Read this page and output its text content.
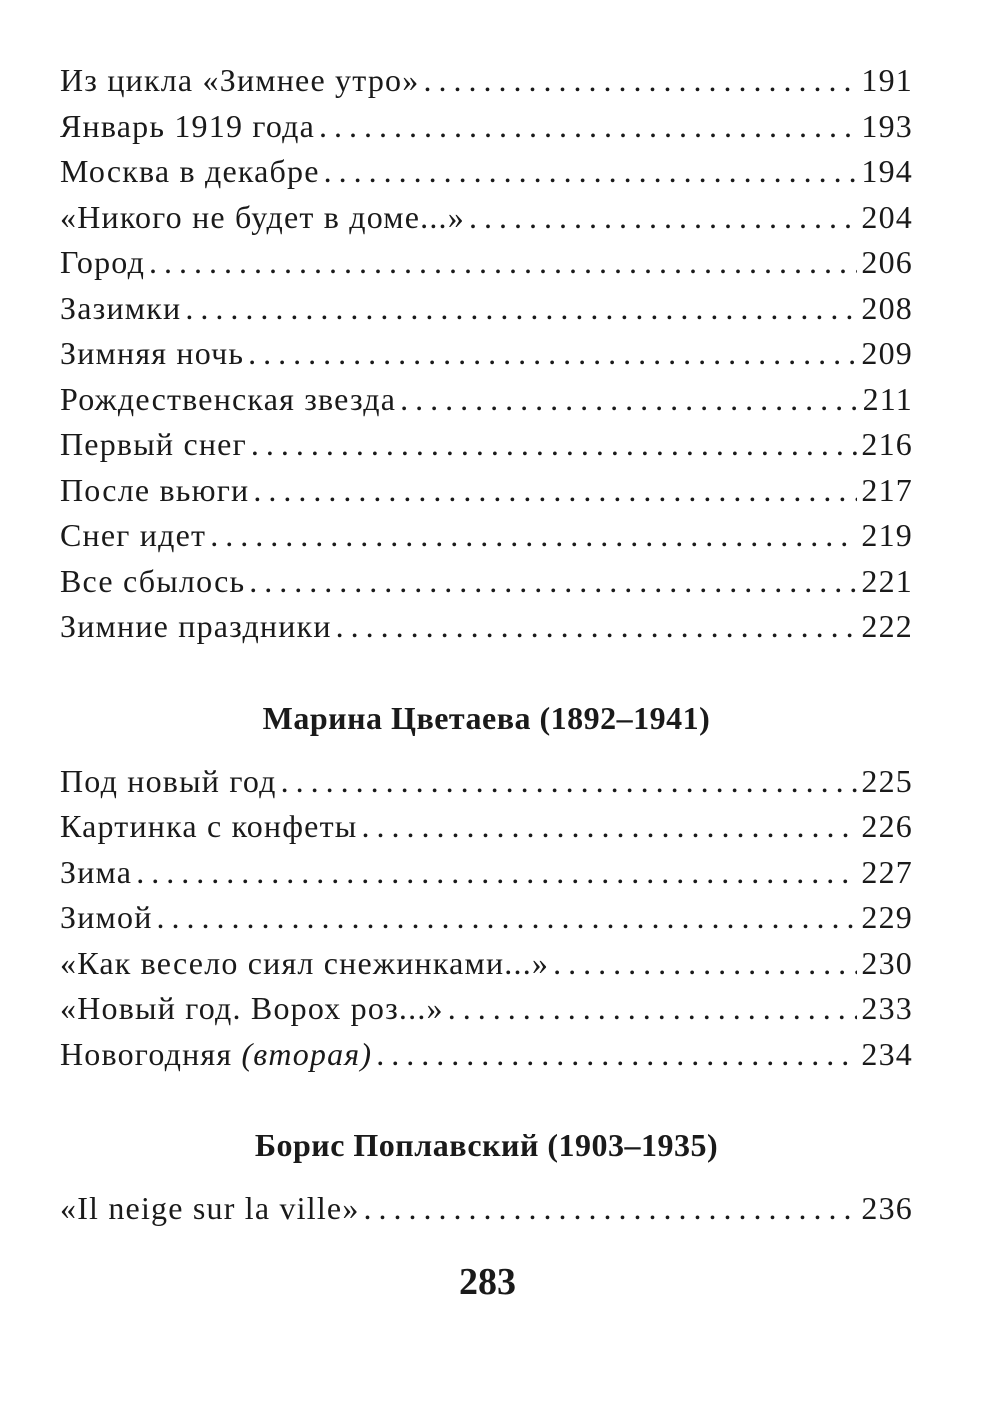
Из цикла «Зимнее утро» .....	191
Январь 1919 года .....	193
Москва в декабре .....	194
«Никого не будет в доме...» .....	204
Город .....	206
Зазимки .....	208
Зимняя ночь .....	209
Рождественская звезда .....	211
Первый снег .....	216
После вьюги .....	217
Снег идет .....	219
Все сбылось .....	221
Зимние праздники .....	222
Марина Цветаева (1892–1941)
Под новый год .....	225
Картинка с конфеты .....	226
Зима .....	227
Зимой .....	229
«Как весело сиял снежинками...» .....	230
«Новый год. Ворох роз...» .....	233
Новогодняя (вторая) .....	234
Борис Поплавский (1903–1935)
«Il neige sur la ville» .....	236
283
